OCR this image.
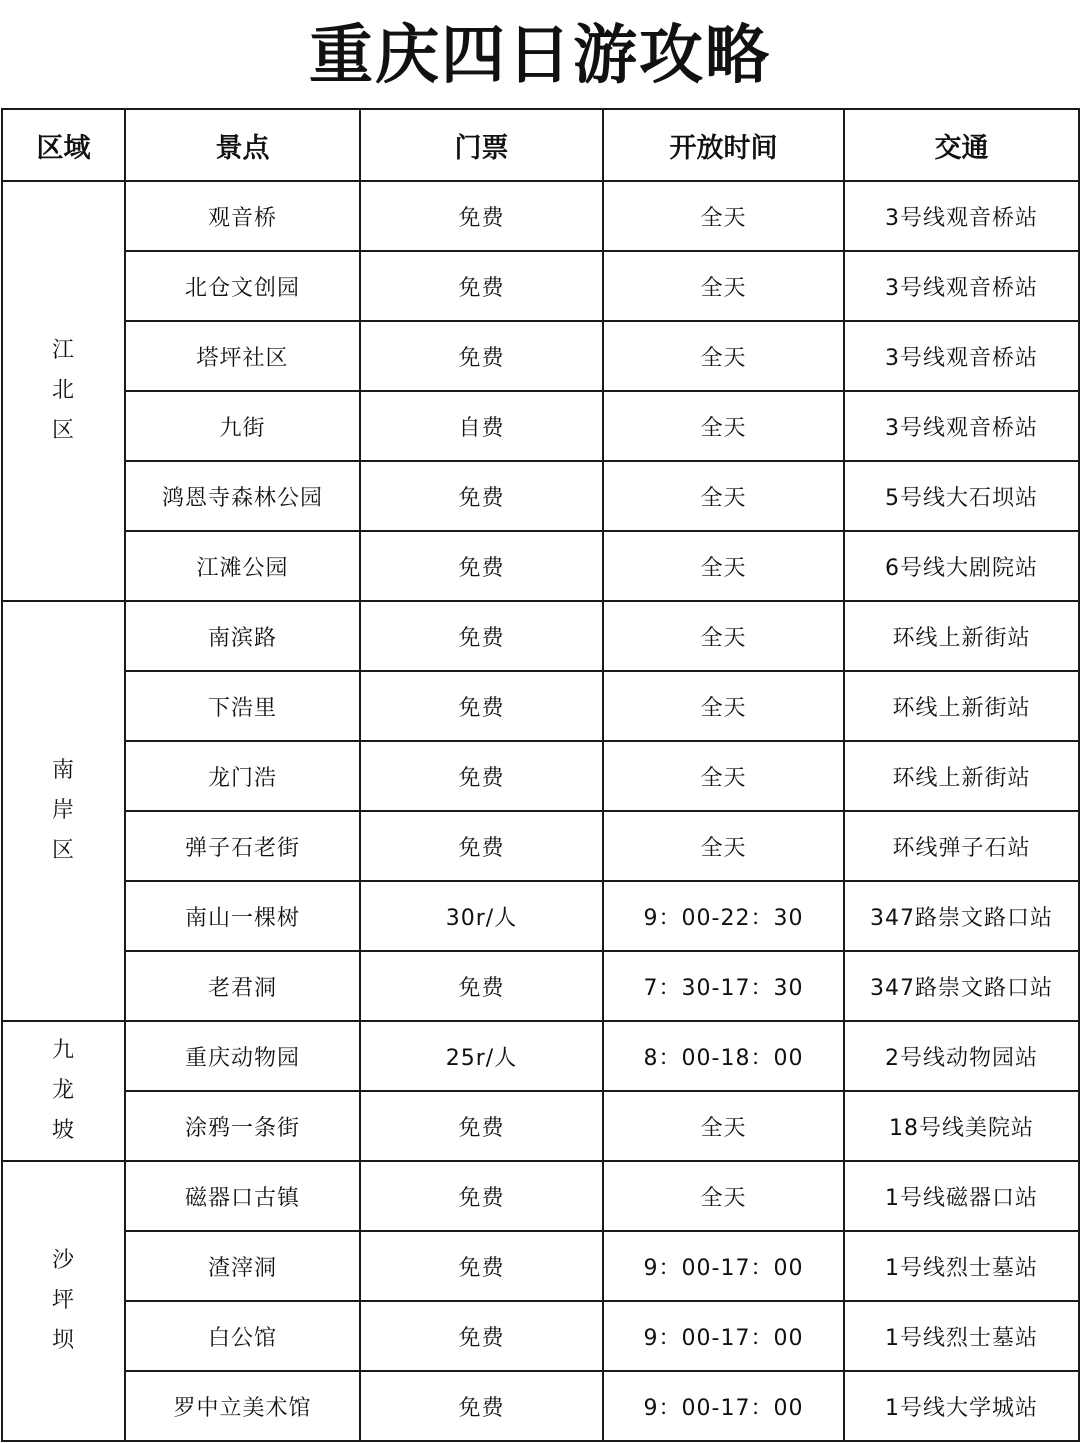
重庆四日游攻略
区域	景点	门票	开放时间	交通
江北区	观音桥	免费	全天	3号线观音桥站
	北仓文创园	免费	全天	3号线观音桥站
	塔坪社区	免费	全天	3号线观音桥站
	九街	自费	全天	3号线观音桥站
	鸿恩寺森林公园	免费	全天	5号线大石坝站
	江滩公园	免费	全天	6号线大剧院站
南岸区	南滨路	免费	全天	环线上新街站
	下浩里	免费	全天	环线上新街站
	龙门浩	免费	全天	环线上新街站
	弹子石老街	免费	全天	环线弹子石站
	南山一棵树	30r/人	9：00-22：30	347路崇文路口站
	老君洞	免费	7：30-17：30	347路崇文路口站
九龙坡	重庆动物园	25r/人	8：00-18：00	2号线动物园站
	涂鸦一条街	免费	全天	18号线美院站
沙坪坝	磁器口古镇	免费	全天	1号线磁器口站
	渣滓洞	免费	9：00-17：00	1号线烈士墓站
	白公馆	免费	9：00-17：00	1号线烈士墓站
	罗中立美术馆	免费	9：00-17：00	1号线大学城站
